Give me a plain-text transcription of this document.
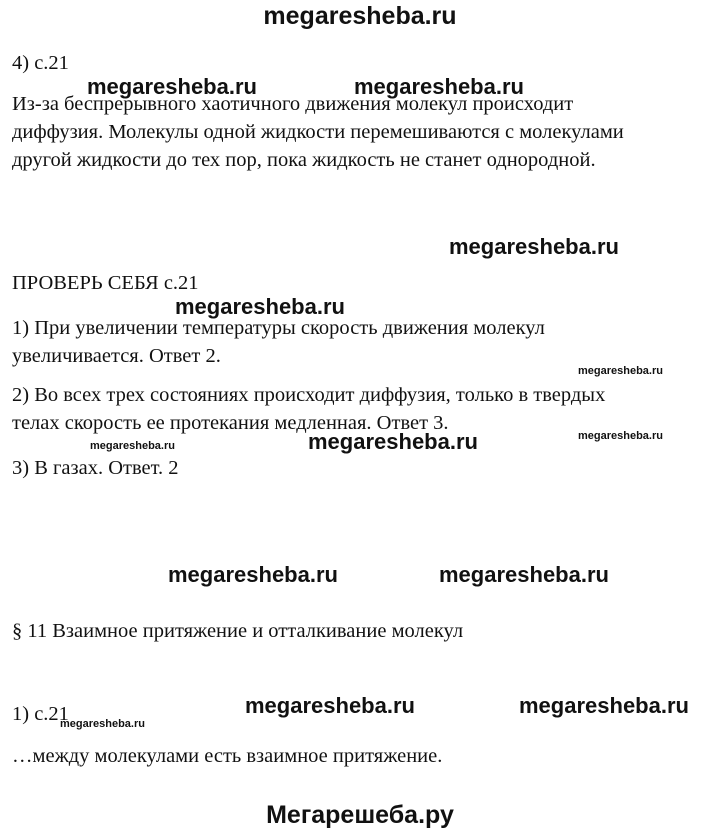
megaresheba.ru
4) с.21
Из-за беспрерывного хаотичного движения молекул происходит
диффузия. Молекулы одной жидкости перемешиваются с молекулами
другой жидкости до тех пор, пока жидкость не станет однородной.
ПРОВЕРЬ СЕБЯ с.21
1) При увеличении температуры скорость движения молекул
увеличивается. Ответ 2.
2) Во всех трех состояниях происходит диффузия, только в твердых
телах скорость ее протекания медленная. Ответ 3.
3) В газах. Ответ. 2
§ 11 Взаимное притяжение и отталкивание молекул
1) с.21
…между молекулами есть взаимное притяжение.
megaresheba.ru	megaresheba.ru
megaresheba.ru
megaresheba.ru
megaresheba.ru
megaresheba.ru	megaresheba.ru
megaresheba.ru
megaresheba.ru	megaresheba.ru
megaresheba.ru	megaresheba.ru
megaresheba.ru
Мегарешеба.ру
